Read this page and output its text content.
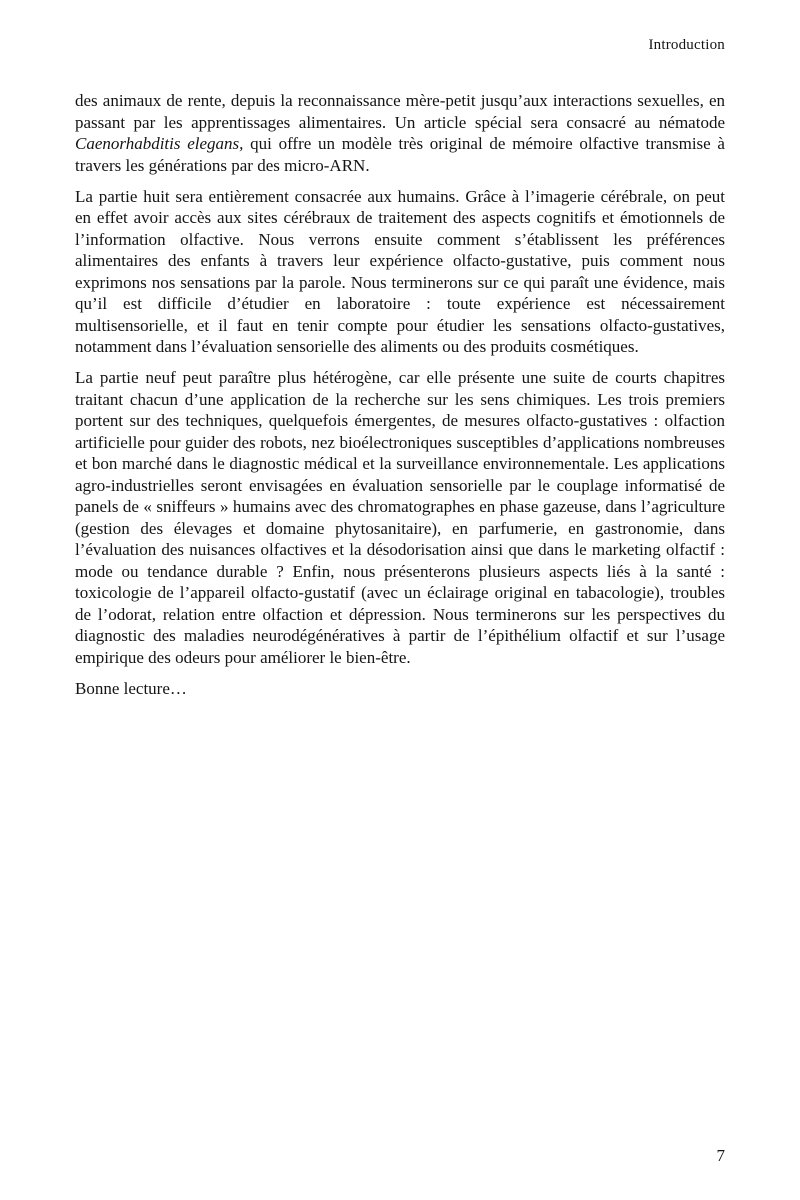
Introduction

des animaux de rente, depuis la reconnaissance mère-petit jusqu’aux interactions sexuelles, en passant par les apprentissages alimentaires. Un article spécial sera consacré au nématode Caenorhabditis elegans, qui offre un modèle très original de mémoire olfactive transmise à travers les générations par des micro-ARN.

La partie huit sera entièrement consacrée aux humains. Grâce à l’imagerie cérébrale, on peut en effet avoir accès aux sites cérébraux de traitement des aspects cognitifs et émotionnels de l’information olfactive. Nous verrons ensuite comment s’établissent les préférences alimentaires des enfants à travers leur expérience olfacto-gustative, puis comment nous exprimons nos sensations par la parole. Nous terminerons sur ce qui paraît une évidence, mais qu’il est difficile d’étudier en laboratoire : toute expérience est nécessairement multisensorielle, et il faut en tenir compte pour étudier les sensations olfacto-gustatives, notamment dans l’évaluation sensorielle des aliments ou des produits cosmétiques.

La partie neuf peut paraître plus hétérogène, car elle présente une suite de courts chapitres traitant chacun d’une application de la recherche sur les sens chimiques. Les trois premiers portent sur des techniques, quelquefois émergentes, de mesures olfacto-gustatives : olfaction artificielle pour guider des robots, nez bioélectroniques susceptibles d’applications nombreuses et bon marché dans le diagnostic médical et la surveillance environnementale. Les applications agro-industrielles seront envisagées en évaluation sensorielle par le couplage informatisé de panels de « sniffeurs » humains avec des chromatographes en phase gazeuse, dans l’agriculture (gestion des élevages et domaine phytosanitaire), en parfumerie, en gastronomie, dans l’évaluation des nuisances olfactives et la désodorisation ainsi que dans le marketing olfactif : mode ou tendance durable ? Enfin, nous présenterons plusieurs aspects liés à la santé : toxicologie de l’appareil olfacto-gustatif (avec un éclairage original en tabacologie), troubles de l’odorat, relation entre olfaction et dépression. Nous terminerons sur les perspectives du diagnostic des maladies neurodégénératives à partir de l’épithélium olfactif et sur l’usage empirique des odeurs pour améliorer le bien-être.

Bonne lecture…

7
